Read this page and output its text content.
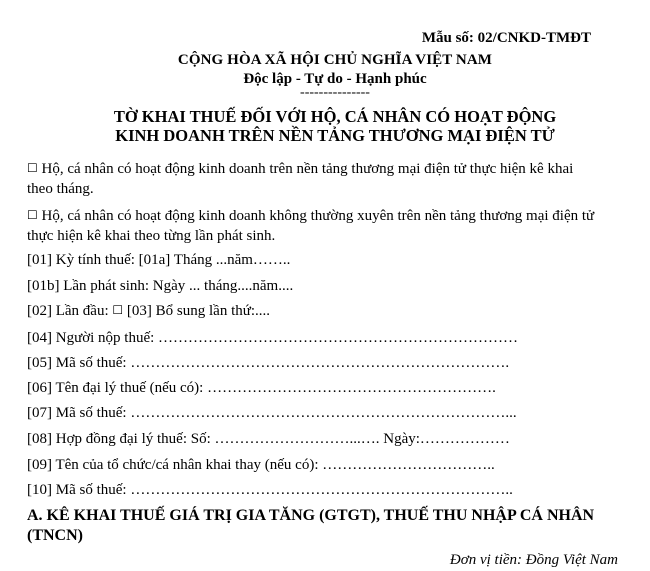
Mẫu số: 02/CNKD-TMĐT
CỘNG HÒA XÃ HỘI CHỦ NGHĨA VIỆT NAM
Độc lập - Tự do - Hạnh phúc
---------------
TỜ KHAI THUẾ ĐỐI VỚI HỘ, CÁ NHÂN CÓ HOẠT ĐỘNG
KINH DOANH TRÊN NỀN TẢNG THƯƠNG MẠI ĐIỆN TỬ
☐ Hộ, cá nhân có hoạt động kinh doanh trên nền tảng thương mại điện tử thực hiện kê khai theo tháng.
☐ Hộ, cá nhân có hoạt động kinh doanh không thường xuyên trên nền tảng thương mại điện tử thực hiện kê khai theo từng lần phát sinh.
[01] Kỳ tính thuế: [01a] Tháng ...năm……..
[01b] Lần phát sinh: Ngày ... tháng....năm....
[02] Lần đầu: ☐ [03] Bổ sung lần thứ:....
[04] Người nộp thuế: ………………………………………………………………
[05] Mã số thuế: ………………………………………………………………….
[06] Tên đại lý thuế (nếu có): ………………………………………………….
[07] Mã số thuế: …………………………………………………………………...
[08] Hợp đồng đại lý thuế: Số: ………………………...…. Ngày:………………
[09] Tên của tổ chức/cá nhân khai thay (nếu có): ……………………………..
[10] Mã số thuế: …………………………………………………………………..
A. KÊ KHAI THUẾ GIÁ TRỊ GIA TĂNG (GTGT), THUẾ THU NHẬP CÁ NHÂN (TNCN)
Đơn vị tiền: Đồng Việt Nam
